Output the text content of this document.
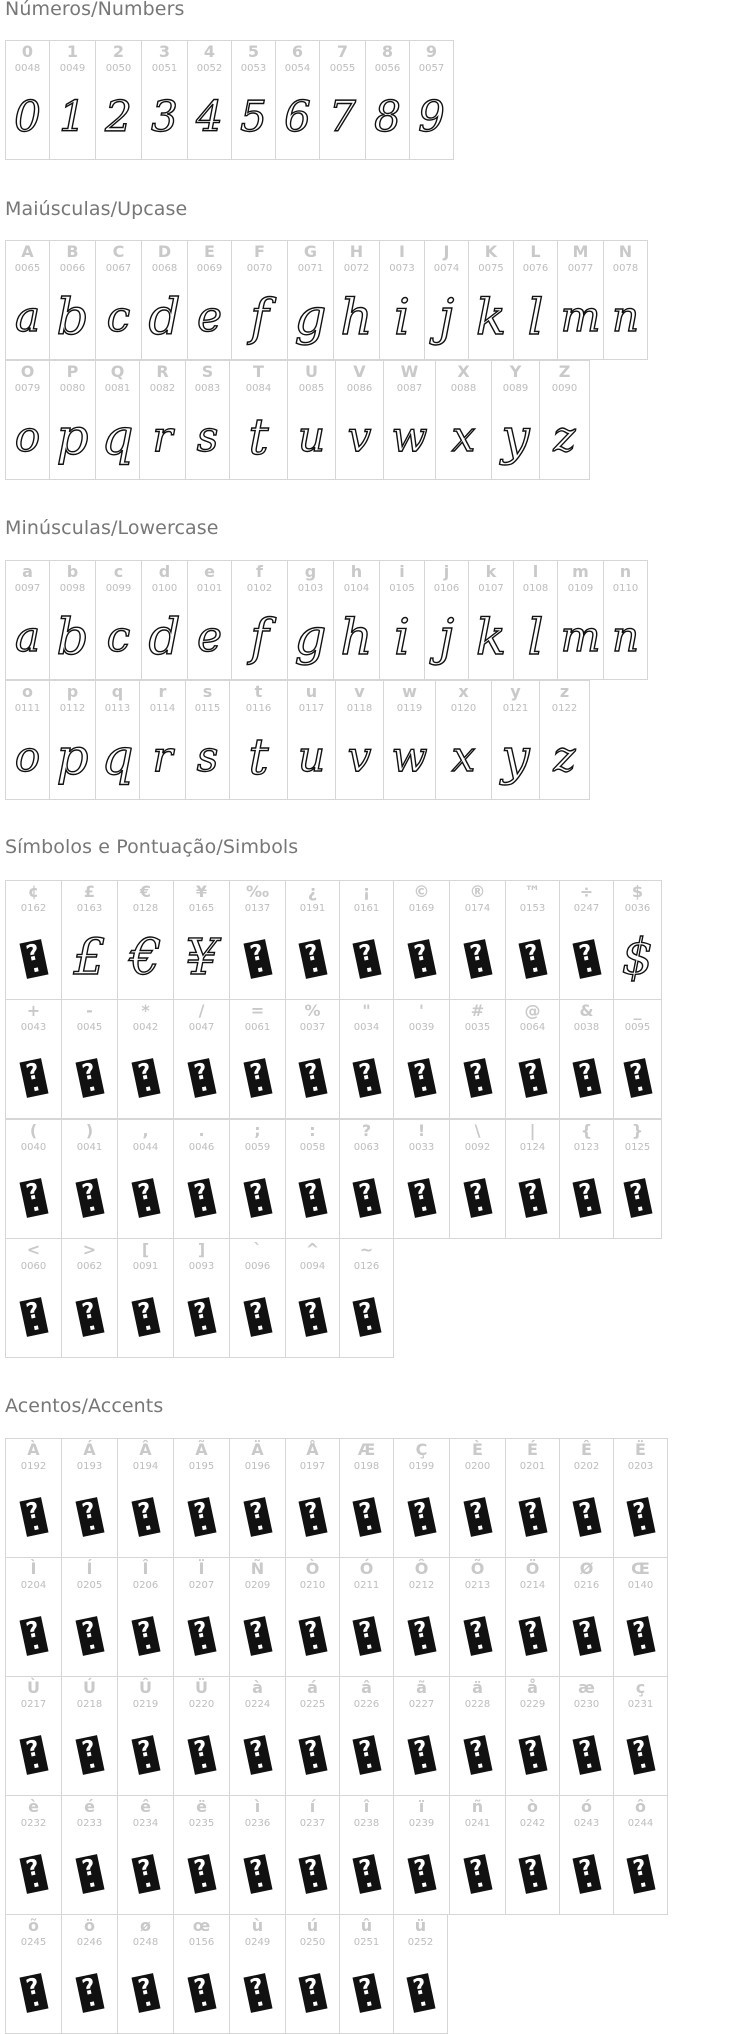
Números/Numbers
0
0048
0
1
0049
1
2
0050
2
3
0051
3
4
0052
4
5
0053
5
6
0054
6
7
0055
7
8
0056
8
9
0057
9
Maiúsculas/Upcase
A
0065
a
B
0066
b
C
0067
c
D
0068
d
E
0069
e
F
0070
f
G
0071
g
H
0072
h
I
0073
i
J
0074
j
K
0075
k
L
0076
l
M
0077
m
N
0078
n
O
0079
o
P
0080
p
Q
0081
q
R
0082
r
S
0083
s
T
0084
t
U
0085
u
V
0086
v
W
0087
w
X
0088
x
Y
0089
y
Z
0090
z
Minúsculas/Lowercase
a
0097
a
b
0098
b
c
0099
c
d
0100
d
e
0101
e
f
0102
f
g
0103
g
h
0104
h
i
0105
i
j
0106
j
k
0107
k
l
0108
l
m
0109
m
n
0110
n
o
0111
o
p
0112
p
q
0113
q
r
0114
r
s
0115
s
t
0116
t
u
0117
u
v
0118
v
w
0119
w
x
0120
x
y
0121
y
z
0122
z
Símbolos e Pontuação/Simbols
¢
0162
?
£
0163
£
€
0128
€
¥
0165
¥
‰
0137
?
¿
0191
?
¡
0161
?
©
0169
?
®
0174
?
™
0153
?
÷
0247
?
$
0036
$
+
0043
?
-
0045
?
*
0042
?
/
0047
?
=
0061
?
%
0037
?
"
0034
?
'
0039
?
#
0035
?
@
0064
?
&
0038
?
_
0095
?
(
0040
?
)
0041
?
,
0044
?
.
0046
?
;
0059
?
:
0058
?
?
0063
?
!
0033
?
\
0092
?
|
0124
?
{
0123
?
}
0125
?
<
0060
?
>
0062
?
[
0091
?
]
0093
?
`
0096
?
^
0094
?
~
0126
?
Acentos/Accents
À
0192
?
Á
0193
?
Â
0194
?
Ã
0195
?
Ä
0196
?
Å
0197
?
Æ
0198
?
Ç
0199
?
È
0200
?
É
0201
?
Ê
0202
?
Ë
0203
?
Ì
0204
?
Í
0205
?
Î
0206
?
Ï
0207
?
Ñ
0209
?
Ò
0210
?
Ó
0211
?
Ô
0212
?
Õ
0213
?
Ö
0214
?
Ø
0216
?
Œ
0140
?
Ù
0217
?
Ú
0218
?
Û
0219
?
Ü
0220
?
à
0224
?
á
0225
?
â
0226
?
ã
0227
?
ä
0228
?
å
0229
?
æ
0230
?
ç
0231
?
è
0232
?
é
0233
?
ê
0234
?
ë
0235
?
ì
0236
?
í
0237
?
î
0238
?
ï
0239
?
ñ
0241
?
ò
0242
?
ó
0243
?
ô
0244
?
õ
0245
?
ö
0246
?
ø
0248
?
œ
0156
?
ù
0249
?
ú
0250
?
û
0251
?
ü
0252
?
